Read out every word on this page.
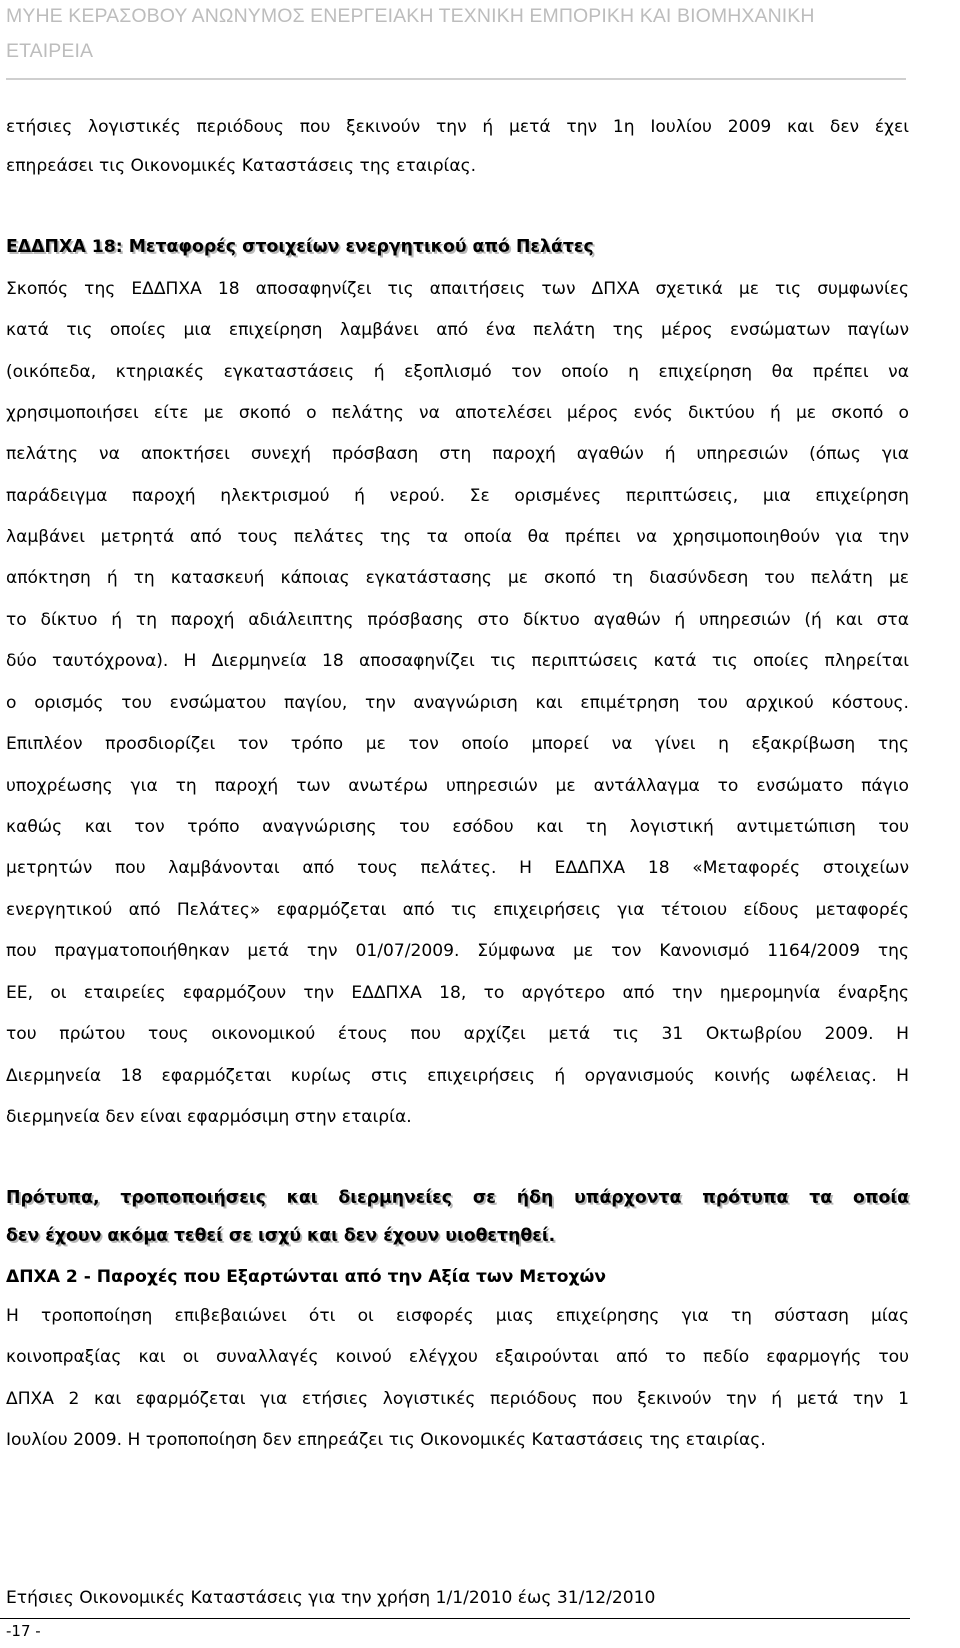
ΜΥΗΕ ΚΕΡΑΣΟΒΟΥ ΑΝΩΝΥΜΟΣ ΕΝΕΡΓΕΙΑΚΗ ΤΕΧΝΙΚΗ ΕΜΠΟΡΙΚΗ ΚΑΙ ΒΙΟΜΗΧΑΝΙΚΗ
ΕΤΑΙΡΕΙΑ
ετήσιες λογιστικές περιόδους που ξεκινούν την ή μετά την 1η Ιουλίου 2009 και δεν έχει
επηρεάσει τις Οικονομικές Καταστάσεις της εταιρίας.
ΕΔΔΠΧΑ 18: Μεταφορές στοιχείων ενεργητικού από Πελάτες
Σκοπός της ΕΔΔΠΧΑ 18 αποσαφηνίζει τις απαιτήσεις των ΔΠΧΑ σχετικά με τις συμφωνίες
κατά τις οποίες μια επιχείρηση λαμβάνει από ένα πελάτη της μέρος ενσώματων παγίων
(οικόπεδα, κτηριακές εγκαταστάσεις ή εξοπλισμό τον οποίο η επιχείρηση θα πρέπει να
χρησιμοποιήσει είτε με σκοπό ο πελάτης να αποτελέσει μέρος ενός δικτύου ή με σκοπό ο
πελάτης να αποκτήσει συνεχή πρόσβαση στη παροχή αγαθών ή υπηρεσιών (όπως για
παράδειγμα παροχή ηλεκτρισμού ή νερού. Σε ορισμένες περιπτώσεις, μια επιχείρηση
λαμβάνει μετρητά από τους πελάτες της τα οποία θα πρέπει να χρησιμοποιηθούν για την
απόκτηση ή τη κατασκευή κάποιας εγκατάστασης με σκοπό τη διασύνδεση του πελάτη με
το δίκτυο ή τη παροχή αδιάλειπτης πρόσβασης στο δίκτυο αγαθών ή υπηρεσιών (ή και στα
δύο ταυτόχρονα). Η Διερμηνεία 18 αποσαφηνίζει τις περιπτώσεις κατά τις οποίες πληρείται
ο ορισμός του ενσώματου παγίου, την αναγνώριση και επιμέτρηση του αρχικού κόστους.
Επιπλέον προσδιορίζει τον τρόπο με τον οποίο μπορεί να γίνει η εξακρίβωση της
υποχρέωσης για τη παροχή των ανωτέρω υπηρεσιών με αντάλλαγμα το ενσώματο πάγιο
καθώς και τον τρόπο αναγνώρισης του εσόδου και τη λογιστική αντιμετώπιση του
μετρητών που λαμβάνονται από τους πελάτες. Η ΕΔΔΠΧΑ 18 «Μεταφορές στοιχείων
ενεργητικού από Πελάτες» εφαρμόζεται από τις επιχειρήσεις για τέτοιου είδους μεταφορές
που πραγματοποιήθηκαν μετά την 01/07/2009. Σύμφωνα με τον Κανονισμό 1164/2009 της
ΕΕ, οι εταιρείες εφαρμόζουν την ΕΔΔΠΧΑ 18, το αργότερο από την ημερομηνία έναρξης
του πρώτου τους οικονομικού έτους που αρχίζει μετά τις 31 Οκτωβρίου 2009. Η
Διερμηνεία 18 εφαρμόζεται κυρίως στις επιχειρήσεις ή οργανισμούς κοινής ωφέλειας. Η
διερμηνεία δεν είναι εφαρμόσιμη στην εταιρία.
Πρότυπα, τροποποιήσεις και διερμηνείες σε ήδη υπάρχοντα πρότυπα τα οποία
δεν έχουν ακόμα τεθεί σε ισχύ και δεν έχουν υιοθετηθεί.
ΔΠΧΑ 2 - Παροχές που Εξαρτώνται από την Αξία των Μετοχών
Η τροποποίηση επιβεβαιώνει ότι οι εισφορές μιας επιχείρησης για τη σύσταση μίας
κοινοπραξίας και οι συναλλαγές κοινού ελέγχου εξαιρούνται από το πεδίο εφαρμογής του
ΔΠΧΑ 2 και εφαρμόζεται για ετήσιες λογιστικές περιόδους που ξεκινούν την ή μετά την 1
Ιουλίου 2009. Η τροποποίηση δεν επηρεάζει τις Οικονομικές Καταστάσεις της εταιρίας.
Ετήσιες Οικονομικές Καταστάσεις για την χρήση 1/1/2010 έως 31/12/2010
-17 -
